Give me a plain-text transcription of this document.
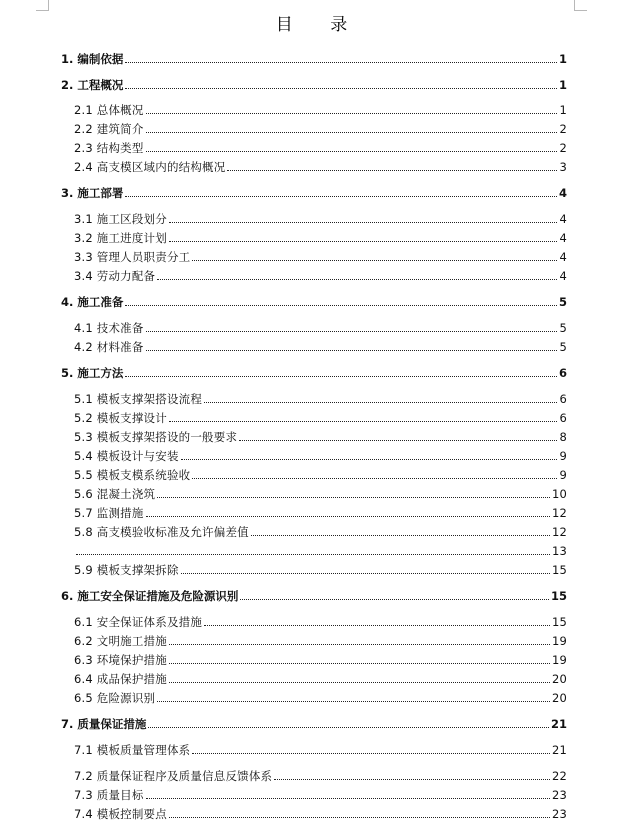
目 录
1. 编制依据	1
2. 工程概况	1
2.1 总体概况	1
2.2 建筑简介	2
2.3 结构类型	2
2.4 高支模区域内的结构概况	3
3. 施工部署	4
3.1 施工区段划分	4
3.2 施工进度计划	4
3.3 管理人员职责分工	4
3.4 劳动力配备	4
4. 施工准备	5
4.1 技术准备	5
4.2 材料准备	5
5. 施工方法	6
5.1 模板支撑架搭设流程	6
5.2 模板支撑设计	6
5.3 模板支撑架搭设的一般要求	8
5.4 模板设计与安装	9
5.5 模板支模系统验收	9
5.6 混凝土浇筑	10
5.7 监测措施	12
5.8 高支模验收标准及允许偏差值	12
13
5.9 模板支撑架拆除	15
6. 施工安全保证措施及危险源识别	15
6.1 安全保证体系及措施	15
6.2 文明施工措施	19
6.3 环境保护措施	19
6.4 成品保护措施	20
6.5 危险源识别	20
7. 质量保证措施	21
7.1 模板质量管理体系	21
7.2 质量保证程序及质量信息反馈体系	22
7.3 质量目标	23
7.4 模板控制要点	23
